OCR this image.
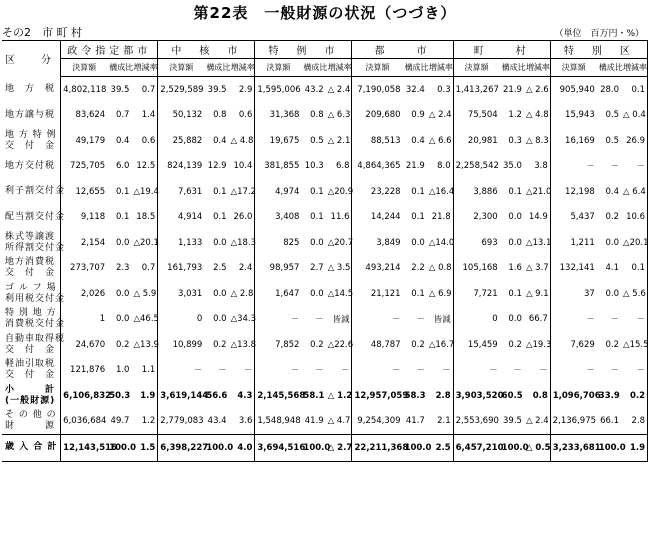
第22表　一般財源の状況（つづき）
その2　市 町 村	（単位　百万円・%）
区　分	政令指定都市			中　核　市			特　例　市			都　　市			町　　村			特　別　区		
	決算額	構成比	増減率	決算額	構成比	増減率	決算額	構成比	増減率	決算額	構成比	増減率	決算額	構成比	増減率	決算額	構成比	増減率

地　方　税	4,802,118	39.5	0.7	2,529,589	39.5	2.9	1,595,006	43.2	△ 2.4	7,190,058	32.4	0.3	1,413,267	21.9	△ 2.6	905,940	28.0	0.1

地方譲与税	83,624	0.7	1.4	50,132	0.8	0.6	31,368	0.8	△ 6.3	209,680	0.9	△ 2.4	75,504	1.2	△ 4.8	15,943	0.5	△ 0.4

地 方 特 例
交　付　金	49,179	0.4	0.6	25,882	0.4	△ 4.8	19,675	0.5	△ 2.1	88,513	0.4	△ 6.6	20,981	0.3	△ 8.3	16,169	0.5	26.9

地方交付税	725,705	6.0	12.5	824,139	12.9	10.4	381,855	10.3	6.8	4,864,365	21.9	8.0	2,258,542	35.0	3.8	－	－	－

利子割交付金	12,655	0.1	△19.4	7,631	0.1	△17.2	4,974	0.1	△20.9	23,228	0.1	△16.4	3,886	0.1	△21.0	12,198	0.4	△ 6.4

配当割交付金	9,118	0.1	18.5	4,914	0.1	26.0	3,408	0.1	11.6	14,244	0.1	21.8	2,300	0.0	14.9	5,437	0.2	10.6

株式等譲渡
所得割交付金	2,154	0.0	△20.1	1,133	0.0	△18.3	825	0.0	△20.7	3,849	0.0	△14.0	693	0.0	△13.1	1,211	0.0	△20.1

地方消費税
交　付　金	273,707	2.3	0.7	161,793	2.5	2.4	98,957	2.7	△ 3.5	493,214	2.2	△ 0.8	105,168	1.6	△ 3.7	132,141	4.1	0.1

ゴ ル フ 場
利用税交付金	2,026	0.0	△ 5.9	3,031	0.0	△ 2.8	1,647	0.0	△14.5	21,121	0.1	△ 6.9	7,721	0.1	△ 9.1	37	0.0	△ 5.6

特 別 地 方
消費税交付金	1	0.0	△46.5	0	0.0	△34.3	－	－	皆減	－	－	皆減	0	0.0	66.7	－	－	－

自動車取得税
交　付　金	24,670	0.2	△13.9	10,899	0.2	△13.8	7,852	0.2	△22.6	48,787	0.2	△16.7	15,459	0.2	△19.3	7,629	0.2	△15.5

軽油引取税
交　付　金	121,876	1.0	1.1	－	－	－	－	－	－	－	－	－	－	－	－	－	－	－

小　　　計
(一般財源)	6,106,832	50.3	1.9	3,619,144	56.6	4.3	2,145,568	58.1	△ 1.2	12,957,059	58.3	2.8	3,903,520	60.5	0.8	1,096,706	33.9	0.2

そ の 他 の
財　　　源	6,036,684	49.7	1.2	2,779,083	43.4	3.6	1,548,948	41.9	△ 4.7	9,254,309	41.7	2.1	2,553,690	39.5	△ 2.4	2,136,975	66.1	2.8

歳 入 合 計	12,143,516	100.0	1.5	6,398,227	100.0	4.0	3,694,516	100.0	△ 2.7	22,211,368	100.0	2.5	6,457,210	100.0	△ 0.5	3,233,681	100.0	1.9
